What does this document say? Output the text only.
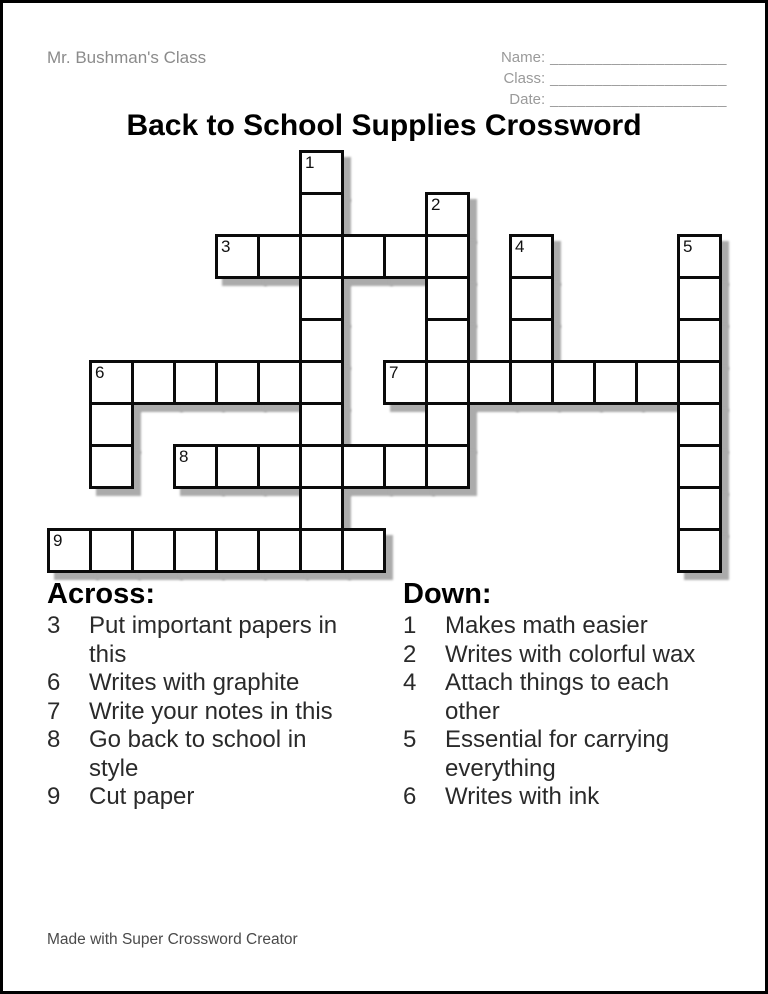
Mr. Bushman's Class	Name: ____________________
Class: ____________________
Date: ____________________
Back to School Supplies Crossword
1
2
3	4	5
6	7
8
9
Across:	Down:
3	Put important papers in this
6	Writes with graphite
7	Write your notes in this
8	Go back to school in style
9	Cut paper
1	Makes math easier
2	Writes with colorful wax
4	Attach things to each other
5	Essential for carrying everything
6	Writes with ink
Made with Super Crossword Creator
